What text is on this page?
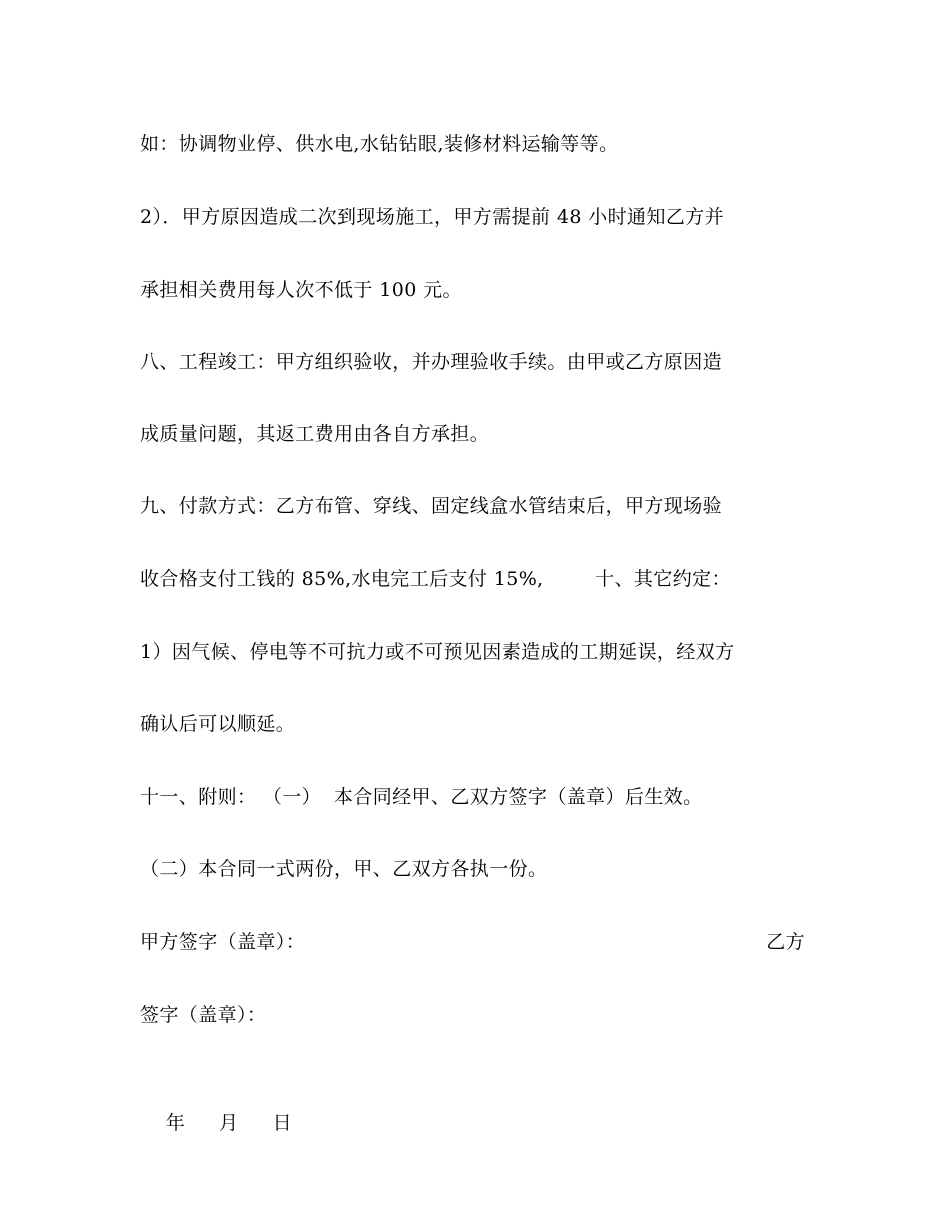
如：协调物业停、供水电,水钻钻眼,装修材料运输等等。
2）．甲方原因造成二次到现场施工，甲方需提前 48 小时通知乙方并
承担相关费用每人次不低于 100 元。
八、工程竣工：甲方组织验收，并办理验收手续。由甲或乙方原因造
成质量问题，其返工费用由各自方承担。
九、付款方式：乙方布管、穿线、固定线盒水管结束后，甲方现场验
收合格支付工钱的 85%,水电完工后支付 15%,        十、其它约定：
1）因气候、停电等不可抗力或不可预见因素造成的工期延误，经双方
确认后可以顺延。
十一、附则： （一）  本合同经甲、乙双方签字（盖章）后生效。
（二）本合同一式两份，甲、乙双方各执一份。
甲方签字（盖章）：	乙方
签字（盖章）：

年 月 日
